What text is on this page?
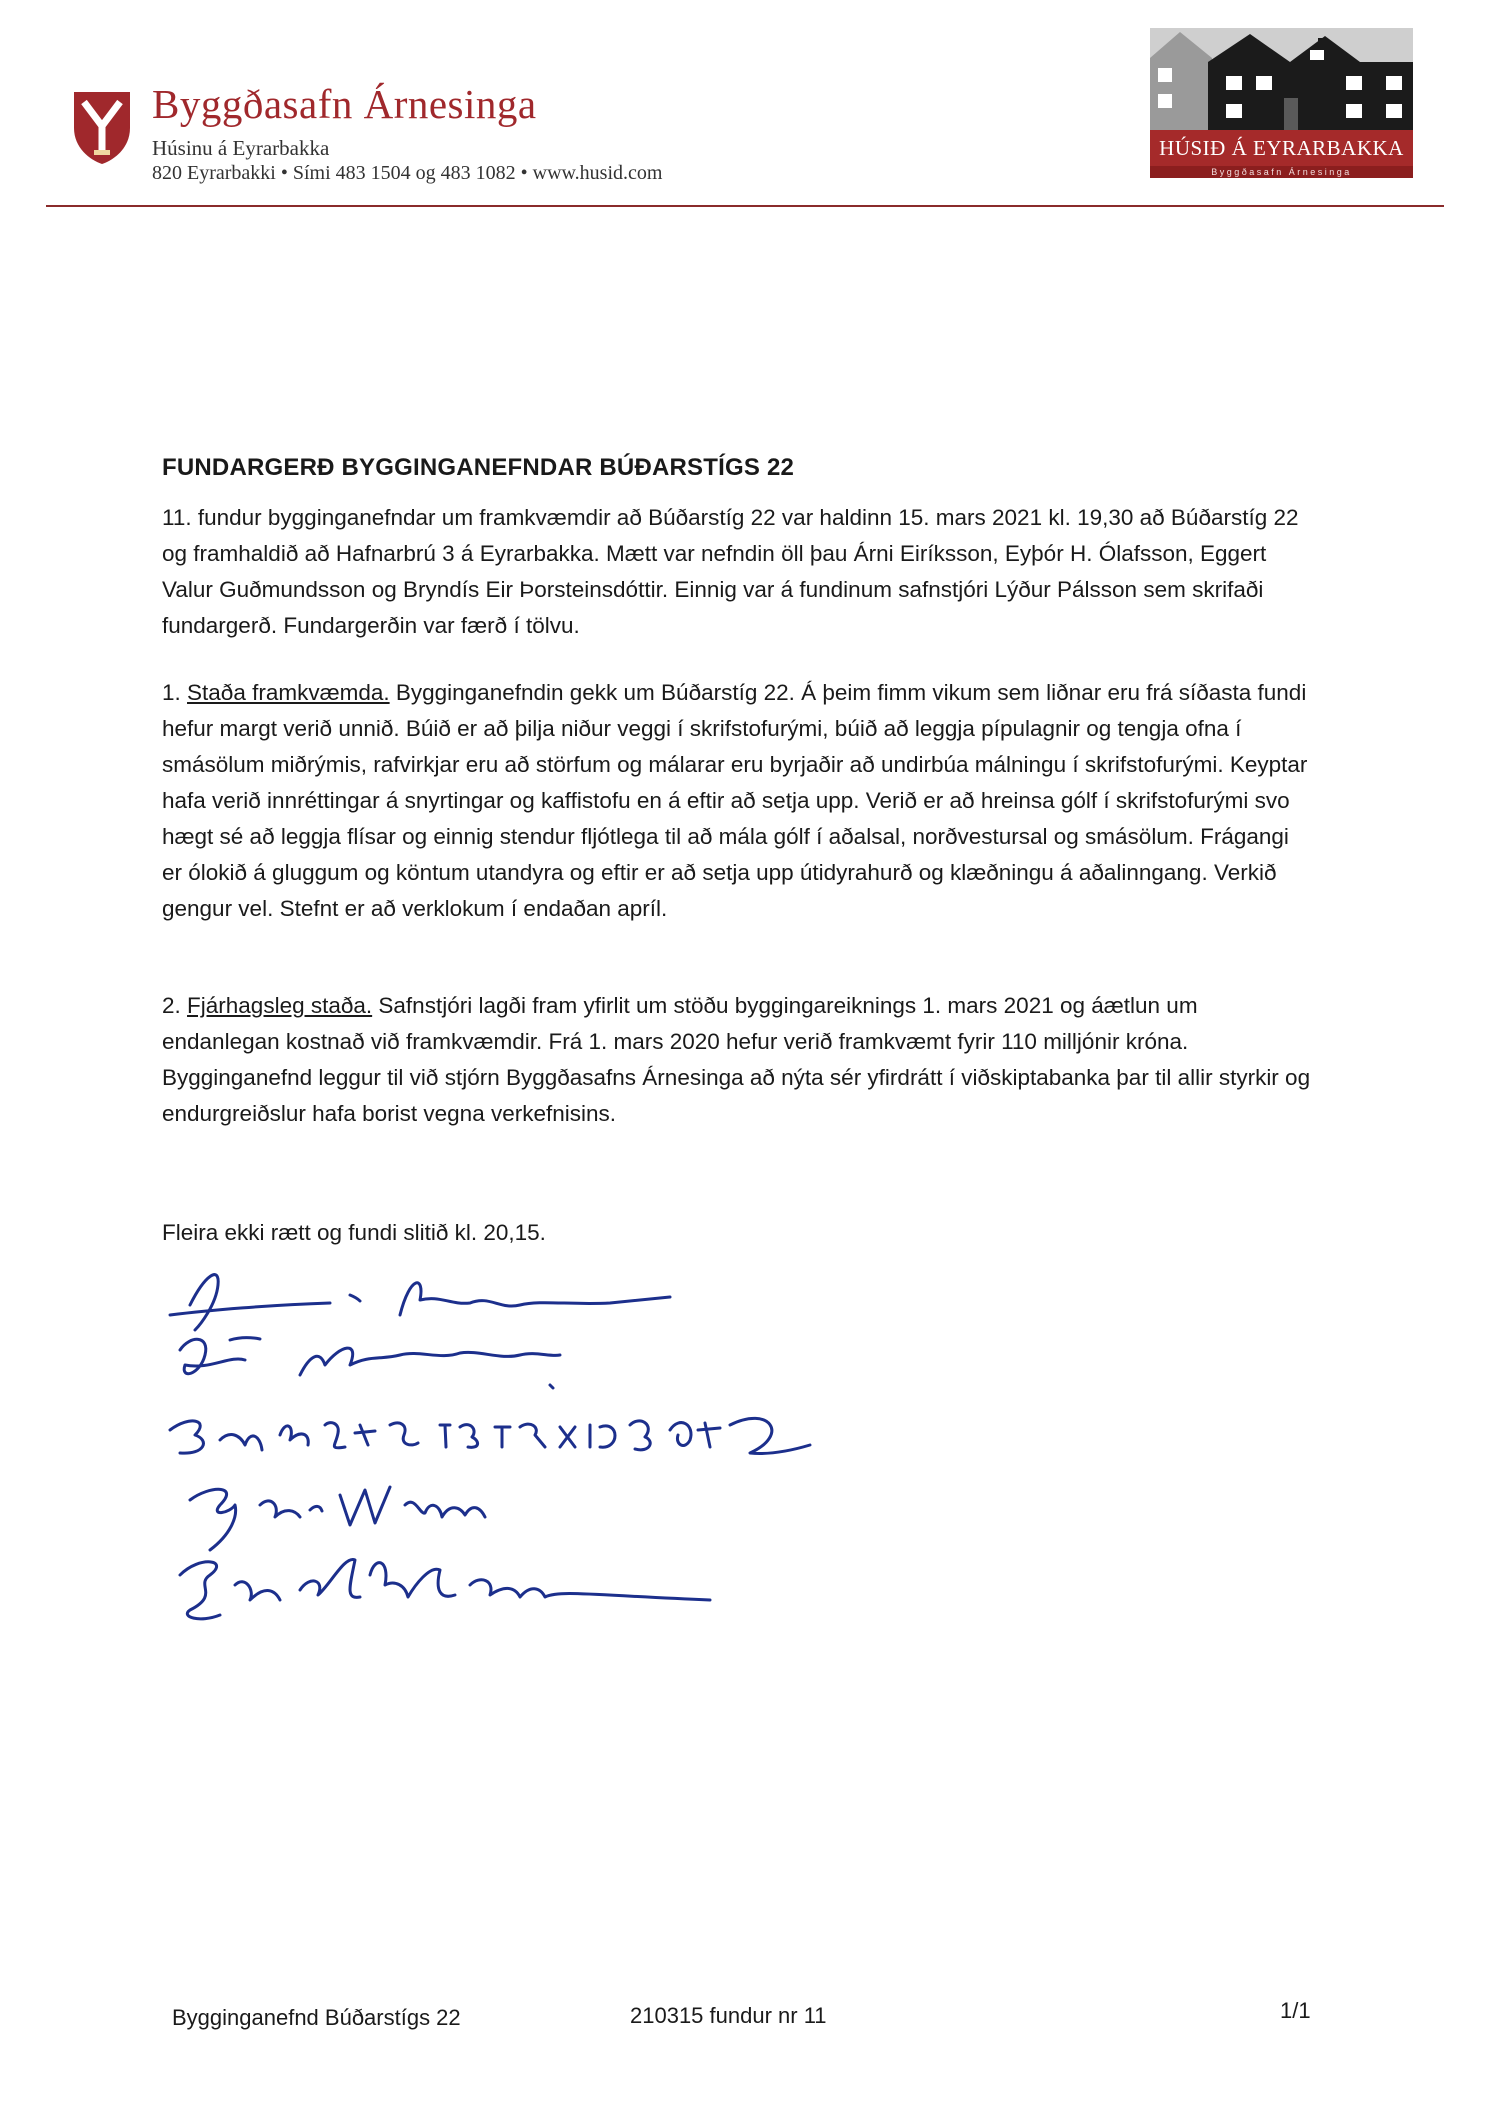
Byggðasafn Árnesinga
Húsinu á Eyrarbakka
820 Eyrarbakki • Sími 483 1504 og 483 1082 • www.husid.com
HÚSIÐ Á EYRARBAKKA
Byggðasafn Árnesinga
FUNDARGERÐ BYGGINGANEFNDAR BÚÐARSTÍGS 22
11. fundur bygginganefndar um framkvæmdir að Búðarstíg 22 var haldinn 15. mars 2021 kl. 19,30 að Búðarstíg 22 og framhaldið að Hafnarbrú 3 á Eyrarbakka. Mætt var nefndin öll þau Árni Eiríksson, Eyþór H. Ólafsson, Eggert Valur Guðmundsson og Bryndís Eir Þorsteinsdóttir. Einnig var á fundinum safnstjóri Lýður Pálsson sem skrifaði fundargerð. Fundargerðin var færð í tölvu.
1. Staða framkvæmda. Bygginganefndin gekk um Búðarstíg 22. Á þeim fimm vikum sem liðnar eru frá síðasta fundi hefur margt verið unnið. Búið er að þilja niður veggi í skrifstofurými, búið að leggja pípulagnir og tengja ofna í smásölum miðrýmis, rafvirkjar eru að störfum og málarar eru byrjaðir að undirbúa málningu í skrifstofurými. Keyptar hafa verið innréttingar á snyrtingar og kaffistofu en á eftir að setja upp. Verið er að hreinsa gólf í skrifstofurými svo hægt sé að leggja flísar og einnig stendur fljótlega til að mála gólf í aðalsal, norðvestursal og smásölum. Frágangi er ólokið á gluggum og köntum utandyra og eftir er að setja upp útidyrahurð og klæðningu á aðalinngang. Verkið gengur vel. Stefnt er að verklokum í endaðan apríl.
2. Fjárhagsleg staða. Safnstjóri lagði fram yfirlit um stöðu byggingareiknings 1. mars 2021 og áætlun um endanlegan kostnað við framkvæmdir. Frá 1. mars 2020 hefur verið framkvæmt fyrir 110 milljónir króna. Bygginganefnd leggur til við stjórn Byggðasafns Árnesinga að nýta sér yfirdrátt í viðskiptabanka þar til allir styrkir og endurgreiðslur hafa borist vegna verkefnisins.
Fleira ekki rætt og fundi slitið kl. 20,15.
Bygginganefnd Búðarstígs 22	210315 fundur nr 11	1/1
